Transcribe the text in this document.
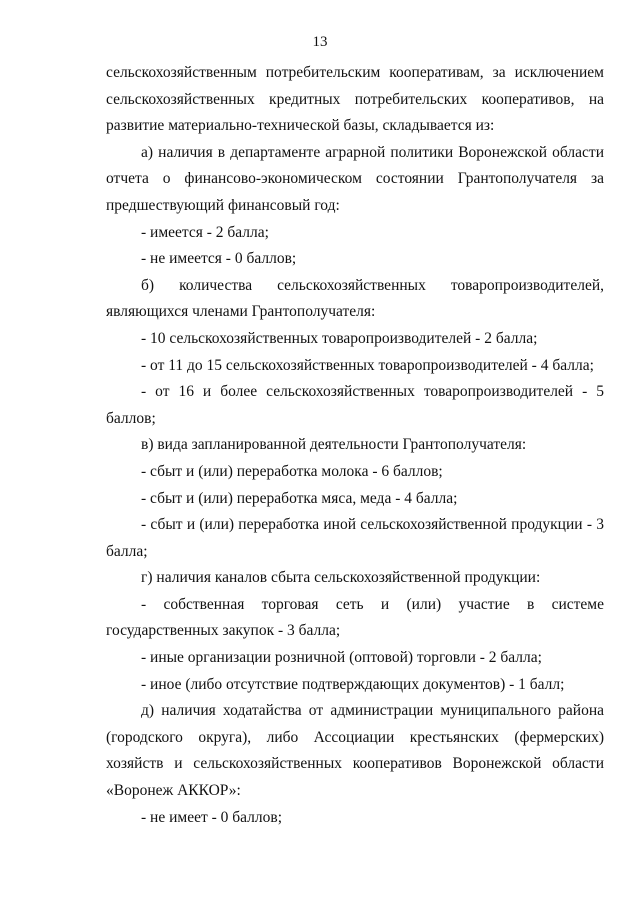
13

сельскохозяйственным потребительским кооперативам, за исключением сельскохозяйственных кредитных потребительских кооперативов, на развитие материально-технической базы, складывается из:

а) наличия в департаменте аграрной политики Воронежской области отчета о финансово-экономическом состоянии Грантополучателя за предшествующий финансовый год:

- имеется - 2 балла;

- не имеется - 0 баллов;

б) количества сельскохозяйственных товаропроизводителей, являющихся членами Грантополучателя:

- 10 сельскохозяйственных товаропроизводителей - 2 балла;

- от 11 до 15 сельскохозяйственных товаропроизводителей - 4 балла;

- от 16 и более сельскохозяйственных товаропроизводителей - 5 баллов;

в) вида запланированной деятельности Грантополучателя:

- сбыт и (или) переработка молока - 6 баллов;

- сбыт и (или) переработка мяса, меда - 4 балла;

- сбыт и (или) переработка иной сельскохозяйственной продукции - 3 балла;

г) наличия каналов сбыта сельскохозяйственной продукции:

- собственная торговая сеть и (или) участие в системе государственных закупок - 3 балла;

- иные организации розничной (оптовой) торговли - 2 балла;

- иное (либо отсутствие подтверждающих документов) - 1 балл;

д) наличия ходатайства от администрации муниципального района (городского округа), либо Ассоциации крестьянских (фермерских) хозяйств и сельскохозяйственных кооперативов Воронежской области «Воронеж АККОР»:

- не имеет - 0 баллов;
